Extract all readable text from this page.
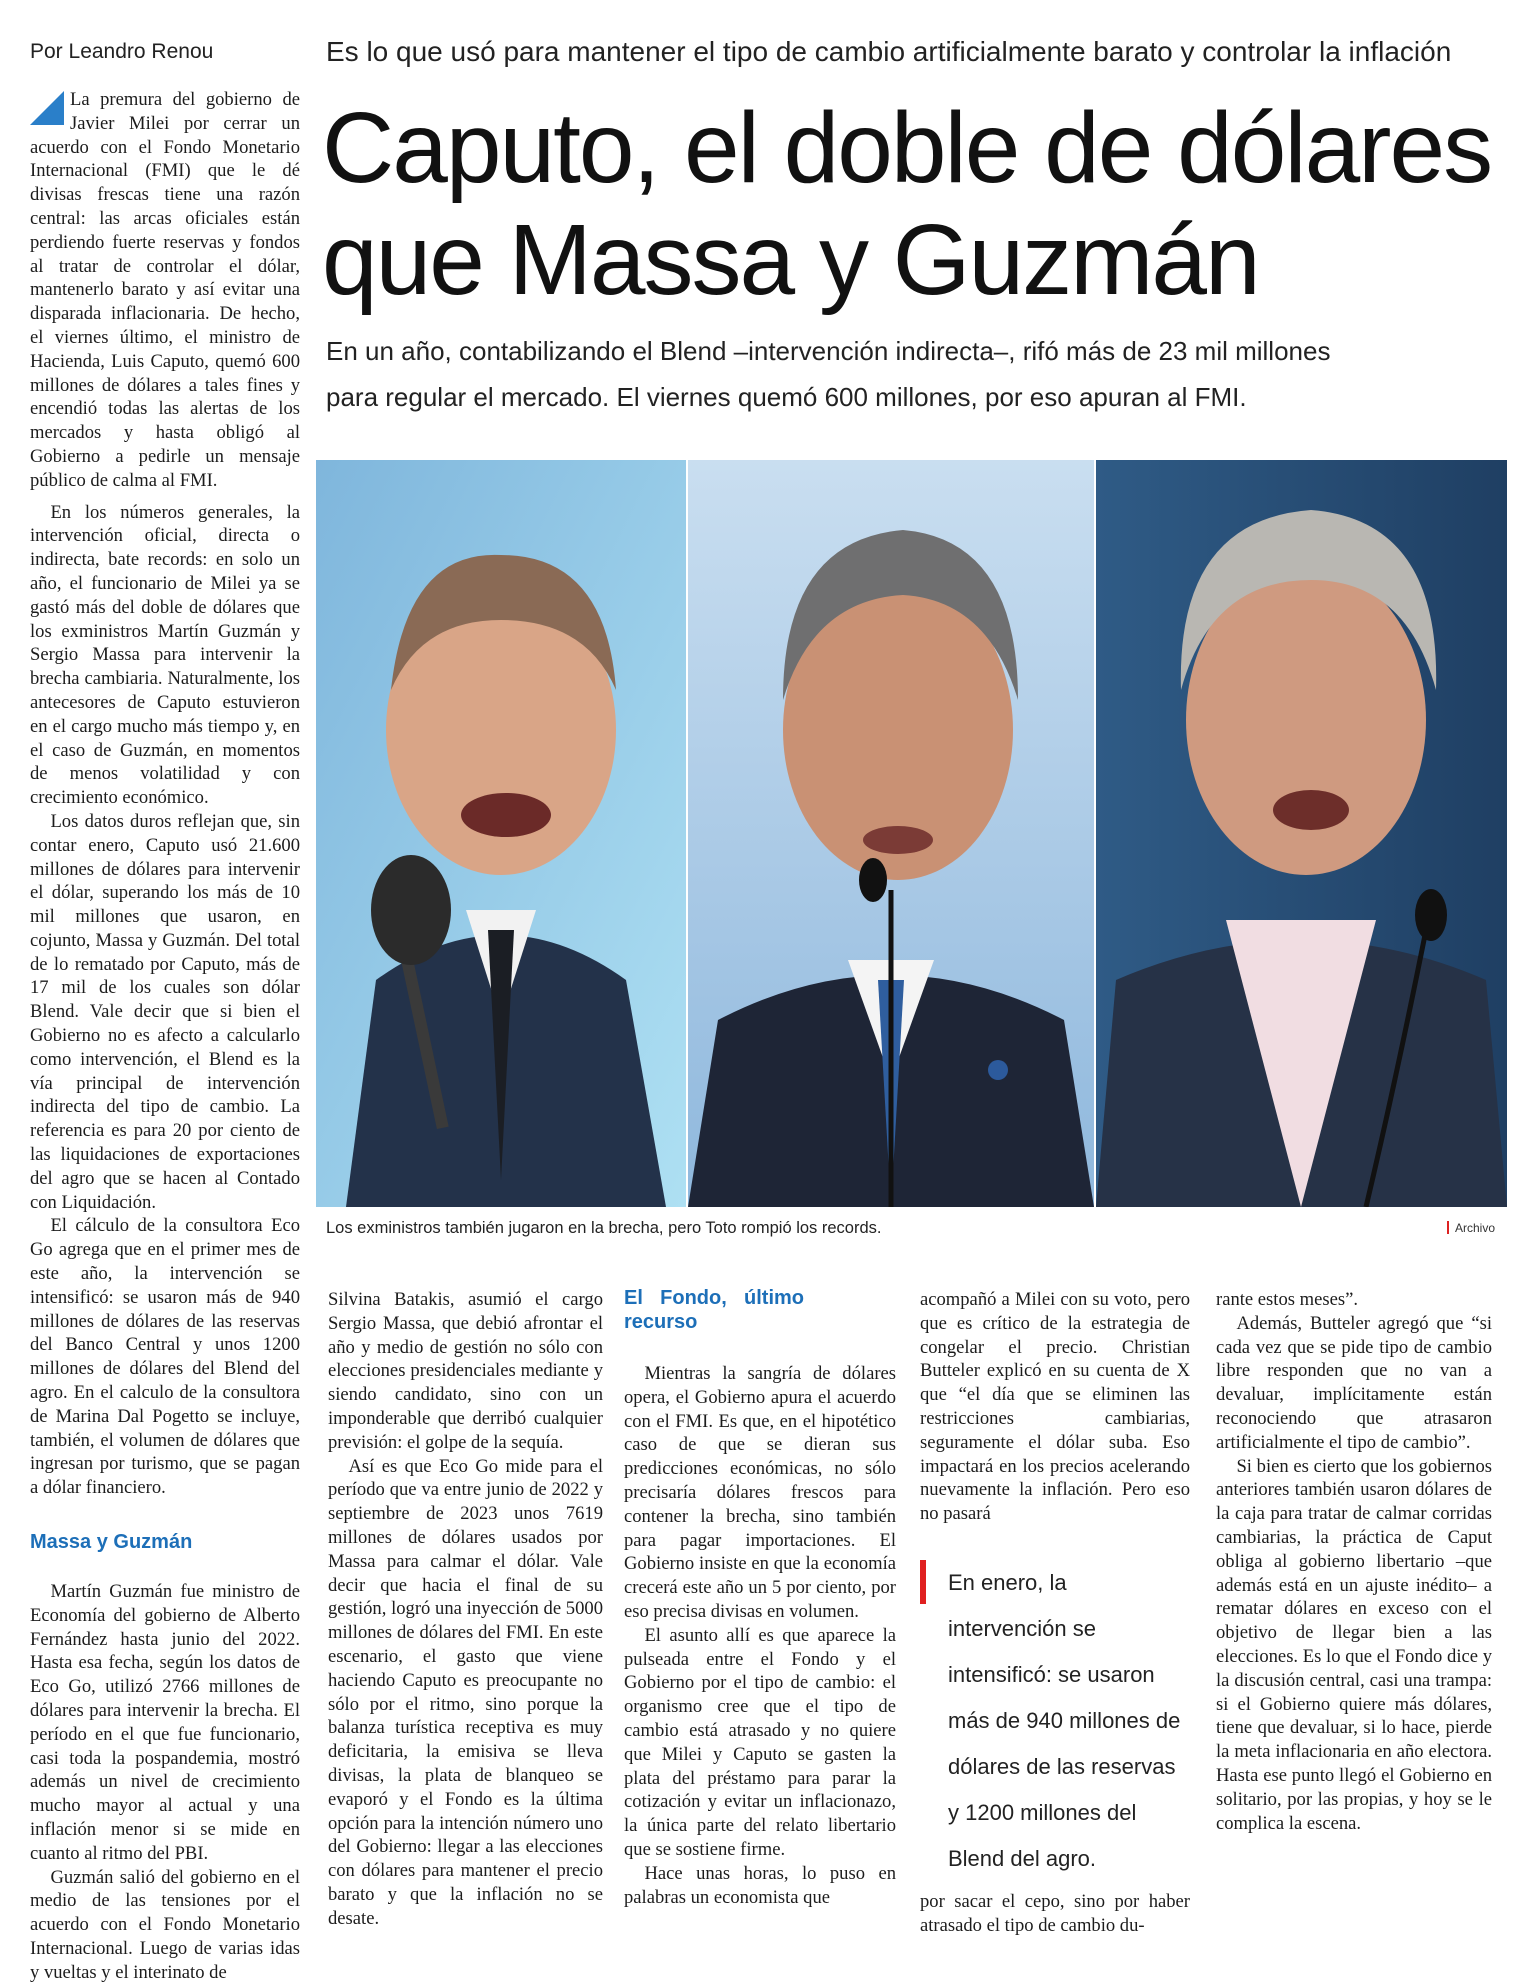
Por Leandro Renou	Es lo que usó para mantener el tipo de cambio artificialmente barato y controlar la inflación
Caputo, el doble de dólares
que Massa y Guzmán
En un año, contabilizando el Blend –intervención indirecta–, rifó más de 23 mil millones
para regular el mercado. El viernes quemó 600 millones, por eso apuran al FMI.

La premura del gobierno de Javier Milei por cerrar un acuerdo con el Fondo Monetario Internacional (FMI) que le dé divisas frescas tiene una razón central: las arcas oficiales están perdiendo fuerte reservas y fondos al tratar de controlar el dólar, mantenerlo barato y así evitar una disparada inflacionaria. De hecho, el viernes último, el ministro de Hacienda, Luis Caputo, quemó 600 millones de dólares a tales fines y encendió todas las alertas de los mercados y hasta obligó al Gobierno a pedirle un mensaje público de calma al FMI.

En los números generales, la intervención oficial, directa o indirecta, bate records: en solo un año, el funcionario de Milei ya se gastó más del doble de dólares que los exministros Martín Guzmán y Sergio Massa para intervenir la brecha cambiaria. Naturalmente, los antecesores de Caputo estuvieron en el cargo mucho más tiempo y, en el caso de Guzmán, en momentos de menos volatilidad y con crecimiento económico.

Los datos duros reflejan que, sin contar enero, Caputo usó 21.600 millones de dólares para intervenir el dólar, superando los más de 10 mil millones que usaron, en cojunto, Massa y Guzmán. Del total de lo rematado por Caputo, más de 17 mil de los cuales son dólar Blend. Vale decir que si bien el Gobierno no es afecto a calcularlo como intervención, el Blend es la vía principal de intervención indirecta del tipo de cambio. La referencia es para 20 por ciento de las liquidaciones de exportaciones del agro que se hacen al Contado con Liquidación.

El cálculo de la consultora Eco Go agrega que en el primer mes de este año, la intervención se intensificó: se usaron más de 940 millones de dólares de las reservas del Banco Central y unos 1200 millones de dólares del Blend del agro. En el calculo de la consultora de Marina Dal Pogetto se incluye, también, el volumen de dólares que ingresan por turismo, que se pagan a dólar financiero.

Massa y Guzmán

Martín Guzmán fue ministro de Economía del gobierno de Alberto Fernández hasta junio del 2022. Hasta esa fecha, según los datos de Eco Go, utilizó 2766 millones de dólares para intervenir la brecha. El período en el que fue funcionario, casi toda la pospandemia, mostró además un nivel de crecimiento mucho mayor al actual y una inflación menor si se mide en cuanto al ritmo del PBI.

Guzmán salió del gobierno en el medio de las tensiones por el acuerdo con el Fondo Monetario Internacional. Luego de varias idas y vueltas y el interinato de

Los exministros también jugaron en la brecha, pero Toto rompió los records.	Archivo

Silvina Batakis, asumió el cargo Sergio Massa, que debió afrontar el año y medio de gestión no sólo con elecciones presidenciales mediante y siendo candidato, sino con un imponderable que derribó cualquier previsión: el golpe de la sequía.

Así es que Eco Go mide para el período que va entre junio de 2022 y septiembre de 2023 unos 7619 millones de dólares usados por Massa para calmar el dólar. Vale decir que hacia el final de su gestión, logró una inyección de 5000 millones de dólares del FMI. En este escenario, el gasto que viene haciendo Caputo es preocupante no sólo por el ritmo, sino porque la balanza turística receptiva es muy deficitaria, la emisiva se lleva divisas, la plata de blanqueo se evaporó y el Fondo es la última opción para la intención número uno del Gobierno: llegar a las elecciones con dólares para mantener el precio barato y que la inflación no se desate.

El Fondo, último recurso

Mientras la sangría de dólares opera, el Gobierno apura el acuerdo con el FMI. Es que, en el hipotético caso de que se dieran sus predicciones económicas, no sólo precisaría dólares frescos para contener la brecha, sino también para pagar importaciones. El Gobierno insiste en que la economía crecerá este año un 5 por ciento, por eso precisa divisas en volumen.

El asunto allí es que aparece la pulseada entre el Fondo y el Gobierno por el tipo de cambio: el organismo cree que el tipo de cambio está atrasado y no quiere que Milei y Caputo se gasten la plata del préstamo para parar la cotización y evitar un inflacionazo, la única parte del relato libertario que se sostiene firme.

Hace unas horas, lo puso en palabras un economista que

acompañó a Milei con su voto, pero que es crítico de la estrategia de congelar el precio. Christian Butteler explicó en su cuenta de X que “el día que se eliminen las restricciones cambiarias, seguramente el dólar suba. Eso impactará en los precios acelerando nuevamente la inflación. Pero eso no pasará

En enero, la intervención se intensificó: se usaron más de 940 millones de dólares de las reservas y 1200 millones del Blend del agro.

por sacar el cepo, sino por haber atrasado el tipo de cambio du-

rante estos meses”.

Además, Butteler agregó que “si cada vez que se pide tipo de cambio libre responden que no van a devaluar, implícitamente están reconociendo que atrasaron artificialmente el tipo de cambio”.

Si bien es cierto que los gobiernos anteriores también usaron dólares de la caja para tratar de calmar corridas cambiarias, la práctica de Caput obliga al gobierno libertario –que además está en un ajuste inédito– a rematar dólares en exceso con el objetivo de llegar bien a las elecciones. Es lo que el Fondo dice y la discusión central, casi una trampa: si el Gobierno quiere más dólares, tiene que devaluar, si lo hace, pierde la meta inflacionaria en año electora. Hasta ese punto llegó el Gobierno en solitario, por las propias, y hoy se le complica la escena.
